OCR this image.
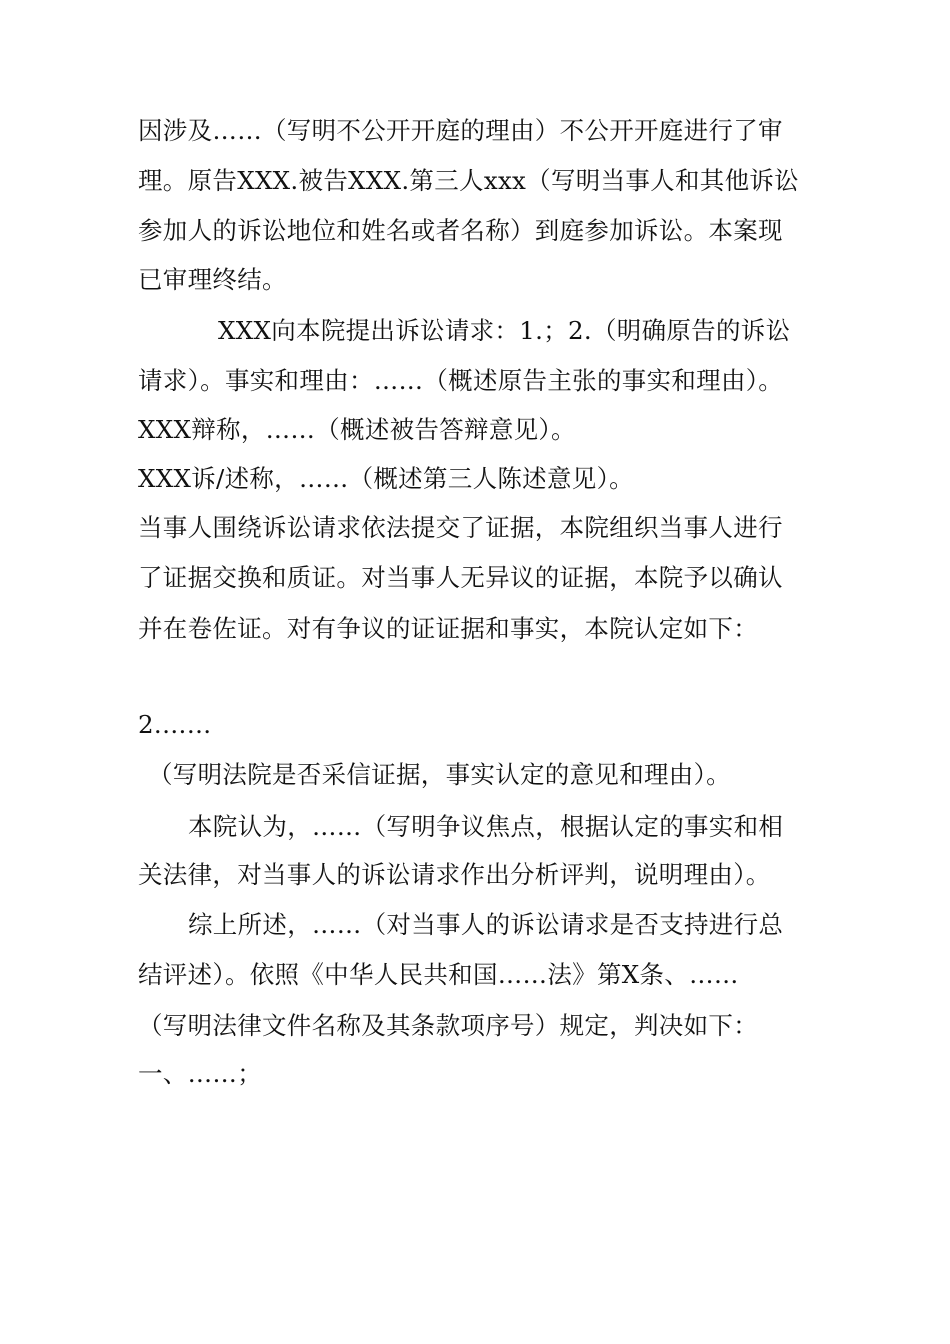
因涉及……（写明不公开开庭的理由）不公开开庭进行了审
理。原告XXX.被告XXX.第三人xxx（写明当事人和其他诉讼
参加人的诉讼地位和姓名或者名称）到庭参加诉讼。本案现
已审理终结。
XXX向本院提出诉讼请求：1.；2.（明确原告的诉讼
请求）。事实和理由：……（概述原告主张的事实和理由）。
XXX辩称，……（概述被告答辩意见）。
XXX诉/述称，……（概述第三人陈述意见）。
当事人围绕诉讼请求依法提交了证据，本院组织当事人进行
了证据交换和质证。对当事人无异议的证据，本院予以确认
并在卷佐证。对有争议的证证据和事实，本院认定如下：
2.……
（写明法院是否采信证据，事实认定的意见和理由）。
本院认为，……（写明争议焦点，根据认定的事实和相
关法律，对当事人的诉讼请求作出分析评判，说明理由）。
综上所述，……（对当事人的诉讼请求是否支持进行总
结评述）。依照《中华人民共和国……法》第X条、……
（写明法律文件名称及其条款项序号）规定，判决如下：
一、……；
